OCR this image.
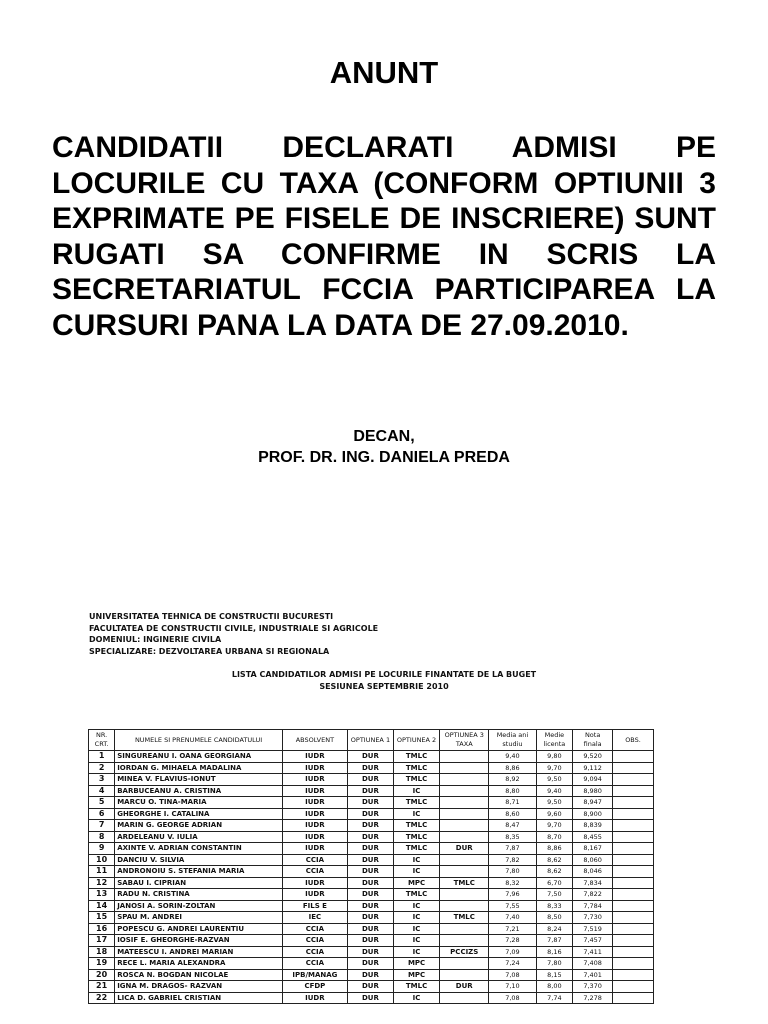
ANUNT

CANDIDATII DECLARATI ADMISI PE LOCURILE CU TAXA (CONFORM OPTIUNII 3 EXPRIMATE PE FISELE DE INSCRIERE) SUNT RUGATI SA CONFIRME IN SCRIS LA SECRETARIATUL FCCIA PARTICIPAREA LA CURSURI PANA LA DATA DE 27.09.2010.

DECAN,
PROF. DR. ING. DANIELA PREDA
UNIVERSITATEA TEHNICA DE CONSTRUCTII BUCURESTI
FACULTATEA DE CONSTRUCTII CIVILE, INDUSTRIALE SI AGRICOLE
DOMENIUL: INGINERIE CIVILA
SPECIALIZARE: DEZVOLTAREA URBANA SI REGIONALA
LISTA CANDIDATILOR ADMISI PE LOCURILE FINANTATE DE LA BUGET
SESIUNEA SEPTEMBRIE 2010
NR. CRT.	NUMELE SI PRENUMELE CANDIDATULUI	ABSOLVENT	OPTIUNEA 1	OPTIUNEA 2	OPTIUNEA 3 TAXA	Media ani studiu	Medie licenta	Nota finala	OBS.
1	SINGUREANU I. OANA GEORGIANA	IUDR	DUR	TMLC		9,40	9,80	9,520	
2	IORDAN G. MIHAELA MADALINA	IUDR	DUR	TMLC		8,86	9,70	9,112	
3	MINEA V. FLAVIUS-IONUT	IUDR	DUR	TMLC		8,92	9,50	9,094	
4	BARBUCEANU A. CRISTINA	IUDR	DUR	IC		8,80	9,40	8,980	
5	MARCU O. TINA-MARIA	IUDR	DUR	TMLC		8,71	9,50	8,947	
6	GHEORGHE I. CATALINA	IUDR	DUR	IC		8,60	9,60	8,900	
7	MARIN G. GEORGE ADRIAN	IUDR	DUR	TMLC		8,47	9,70	8,839	
8	ARDELEANU V. IULIA	IUDR	DUR	TMLC		8,35	8,70	8,455	
9	AXINTE V. ADRIAN CONSTANTIN	IUDR	DUR	TMLC	DUR	7,87	8,86	8,167	
10	DANCIU V. SILVIA	CCIA	DUR	IC		7,82	8,62	8,060	
11	ANDRONOIU S. STEFANIA MARIA	CCIA	DUR	IC		7,80	8,62	8,046	
12	SABAU I. CIPRIAN	IUDR	DUR	MPC	TMLC	8,32	6,70	7,834	
13	RADU N. CRISTINA	IUDR	DUR	TMLC		7,96	7,50	7,822	
14	JANOSI A. SORIN-ZOLTAN	FILS E	DUR	IC		7,55	8,33	7,784	
15	SPAU M. ANDREI	IEC	DUR	IC	TMLC	7,40	8,50	7,730	
16	POPESCU G. ANDREI LAURENTIU	CCIA	DUR	IC		7,21	8,24	7,519	
17	IOSIF E. GHEORGHE-RAZVAN	CCIA	DUR	IC		7,28	7,87	7,457	
18	MATEESCU I. ANDREI MARIAN	CCIA	DUR	IC	PCCIZS	7,09	8,16	7,411	
19	RECE L. MARIA ALEXANDRA	CCIA	DUR	MPC		7,24	7,80	7,408	
20	ROSCA N. BOGDAN NICOLAE	IPB/MANAG	DUR	MPC		7,08	8,15	7,401	
21	IGNA M. DRAGOS- RAZVAN	CFDP	DUR	TMLC	DUR	7,10	8,00	7,370	
22	LICA D. GABRIEL CRISTIAN	IUDR	DUR	IC		7,08	7,74	7,278	
